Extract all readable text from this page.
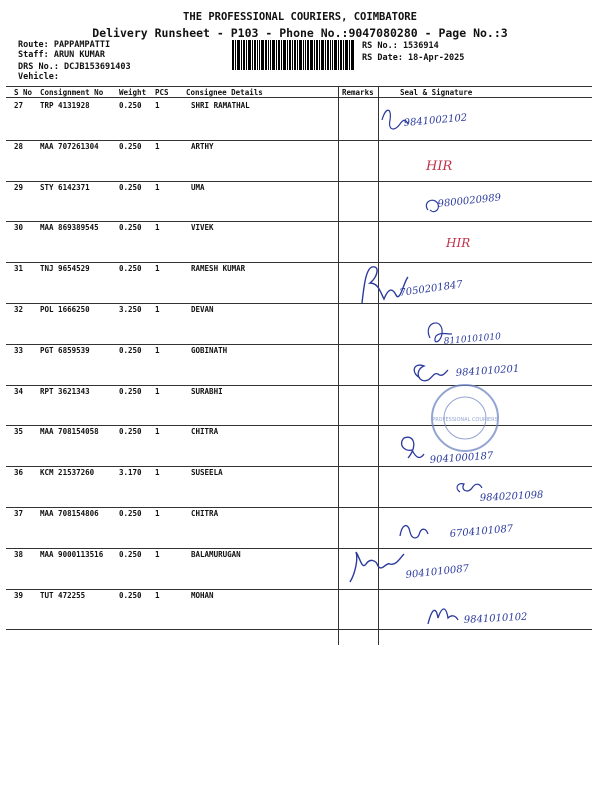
THE PROFESSIONAL COURIERS, COIMBATORE
Delivery Runsheet - P103 - Phone No.:9047080280 - Page No.:3
Route: PAPPAMPATTI
Staff: ARUN KUMAR
DRS No.: DCJB153691403
Vehicle:
RS No.: 1536914
RS Date: 18-Apr-2025
S No Consignment No Weight PCS Consignee Details	Remarks	Seal & Signature
27 TRP 4131928	0.250 1	SHRI RAMATHAL
28 MAA 707261304	0.250 1	ARTHY
29 STY 6142371	0.250 1	UMA
30 MAA 869389545	0.250 1	VIVEK
31 TNJ 9654529	0.250 1	RAMESH KUMAR
32 POL 1666250	3.250 1	DEVAN
33 PGT 6859539	0.250 1	GOBINATH
34 RPT 3621343	0.250 1	SURABHI
35 MAA 708154058	0.250 1	CHITRA
36 KCM 21537260	3.170 1	SUSEELA
37 MAA 708154806	0.250 1	CHITRA
38 MAA 9000113516 0.250 1	BALAMURUGAN
39 TUT 472255	0.250 1	MOHAN
9841002102
HIR
9800020989
HIR
7050201847
8110101010
9841010201
PROFESSIONAL COURIERS
9041000187
9840201098
6704101087
9041010087
9841010102
